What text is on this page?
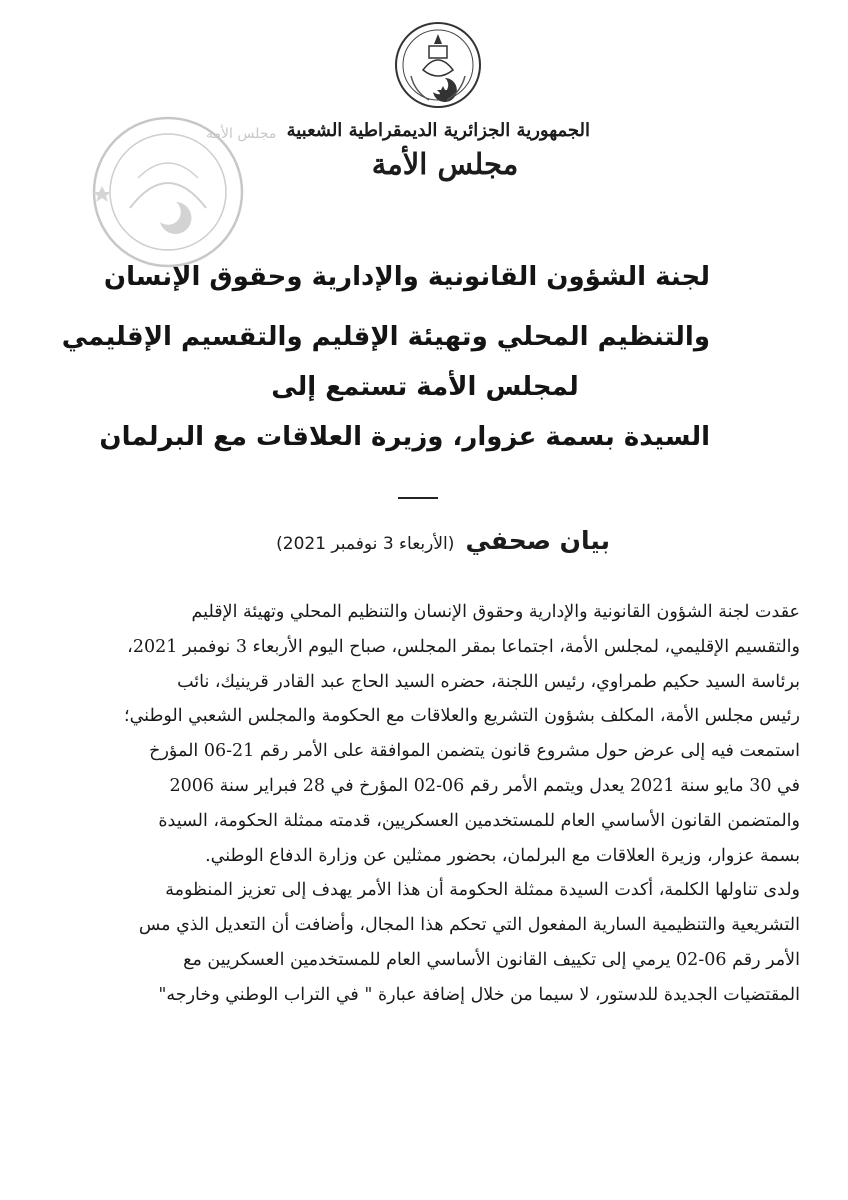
الجمهورية الجزائرية الديمقراطية الشعبية
مجلس الأمة
مجلس الأمة
لجنة الشؤون القانونية والإدارية وحقوق الإنسان
والتنظيم المحلي وتهيئة الإقليم والتقسيم الإقليمي
لمجلس الأمة تستمع إلى
السيدة بسمة عزوار، وزيرة العلاقات مع البرلمان
بيان صحفي (الأربعاء 3 نوفمبر 2021)
عقدت لجنة الشؤون القانونية والإدارية وحقوق الإنسان والتنظيم المحلي وتهيئة الإقليم
والتقسيم الإقليمي، لمجلس الأمة، اجتماعا بمقر المجلس، صباح اليوم الأربعاء 3 نوفمبر 2021،
برئاسة السيد حكيم طمراوي، رئيس اللجنة، حضره السيد الحاج عبد القادر قرينيك، نائب
رئيس مجلس الأمة، المكلف بشؤون التشريع والعلاقات مع الحكومة والمجلس الشعبي الوطني؛
استمعت فيه إلى عرض حول مشروع قانون يتضمن الموافقة على الأمر رقم 21-06 المؤرخ
في 30 مايو سنة 2021 يعدل ويتمم الأمر رقم 06-02 المؤرخ في 28 فبراير سنة 2006
والمتضمن القانون الأساسي العام للمستخدمين العسكريين، قدمته ممثلة الحكومة، السيدة
بسمة عزوار، وزيرة العلاقات مع البرلمان، بحضور ممثلين عن وزارة الدفاع الوطني.
ولدى تناولها الكلمة، أكدت السيدة ممثلة الحكومة أن هذا الأمر يهدف إلى تعزيز المنظومة
التشريعية والتنظيمية السارية المفعول التي تحكم هذا المجال، وأضافت أن التعديل الذي مس
الأمر رقم 06-02 يرمي إلى تكييف القانون الأساسي العام للمستخدمين العسكريين مع
المقتضيات الجديدة للدستور، لا سيما من خلال إضافة عبارة " في التراب الوطني وخارجه"
